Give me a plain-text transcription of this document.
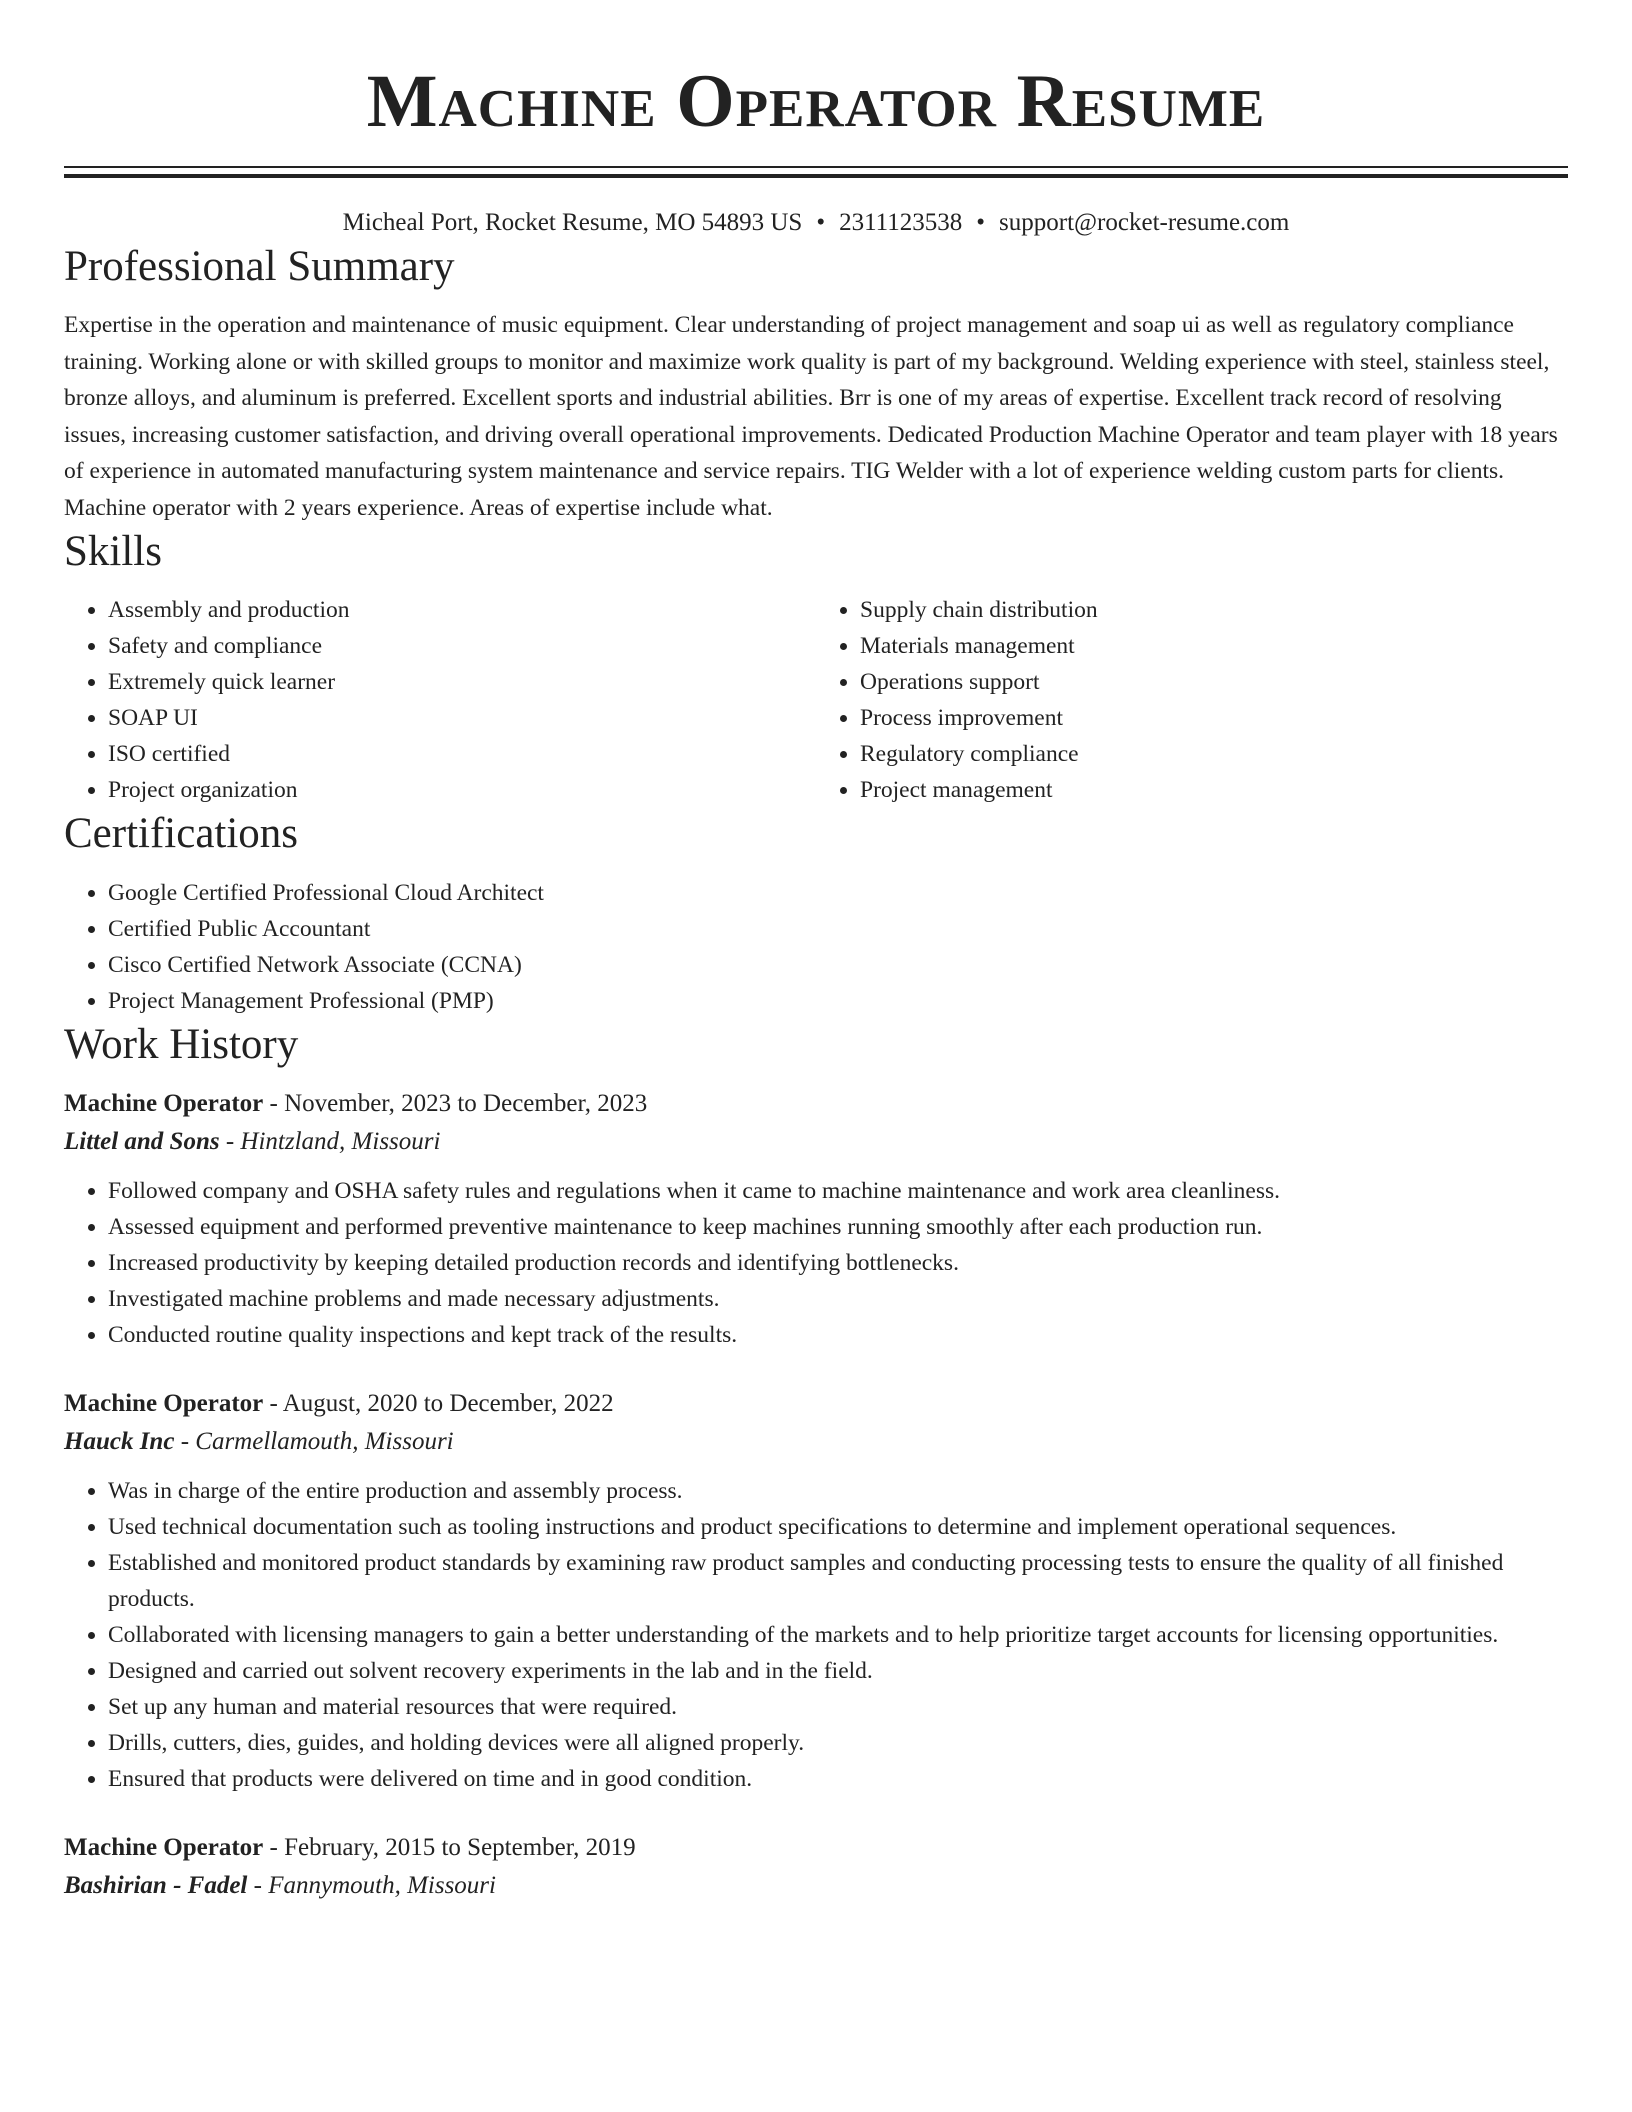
Machine Operator Resume
Micheal Port, Rocket Resume, MO 54893 US • 2311123538 • support@rocket-resume.com
Professional Summary

Expertise in the operation and maintenance of music equipment. Clear understanding of project management and soap ui as well as regulatory compliance training. Working alone or with skilled groups to monitor and maximize work quality is part of my background. Welding experience with steel, stainless steel, bronze alloys, and aluminum is preferred. Excellent sports and industrial abilities. Brr is one of my areas of expertise. Excellent track record of resolving issues, increasing customer satisfaction, and driving overall operational improvements. Dedicated Production Machine Operator and team player with 18 years of experience in automated manufacturing system maintenance and service repairs. TIG Welder with a lot of experience welding custom parts for clients. Machine operator with 2 years experience. Areas of expertise include what.

Skills
• Assembly and production
• Safety and compliance
• Extremely quick learner
• SOAP UI
• ISO certified
• Project organization
• Supply chain distribution
• Materials management
• Operations support
• Process improvement
• Regulatory compliance
• Project management
Certifications
• Google Certified Professional Cloud Architect
• Certified Public Accountant
• Cisco Certified Network Associate (CCNA)
• Project Management Professional (PMP)
Work History
Machine Operator - November, 2023 to December, 2023
Littel and Sons - Hintzland, Missouri
• Followed company and OSHA safety rules and regulations when it came to machine maintenance and work area cleanliness.
• Assessed equipment and performed preventive maintenance to keep machines running smoothly after each production run.
• Increased productivity by keeping detailed production records and identifying bottlenecks.
• Investigated machine problems and made necessary adjustments.
• Conducted routine quality inspections and kept track of the results.
Machine Operator - August, 2020 to December, 2022
Hauck Inc - Carmellamouth, Missouri
• Was in charge of the entire production and assembly process.
• Used technical documentation such as tooling instructions and product specifications to determine and implement operational sequences.
• Established and monitored product standards by examining raw product samples and conducting processing tests to ensure the quality of all finished products.
• Collaborated with licensing managers to gain a better understanding of the markets and to help prioritize target accounts for licensing opportunities.
• Designed and carried out solvent recovery experiments in the lab and in the field.
• Set up any human and material resources that were required.
• Drills, cutters, dies, guides, and holding devices were all aligned properly.
• Ensured that products were delivered on time and in good condition.
Machine Operator - February, 2015 to September, 2019
Bashirian - Fadel - Fannymouth, Missouri
